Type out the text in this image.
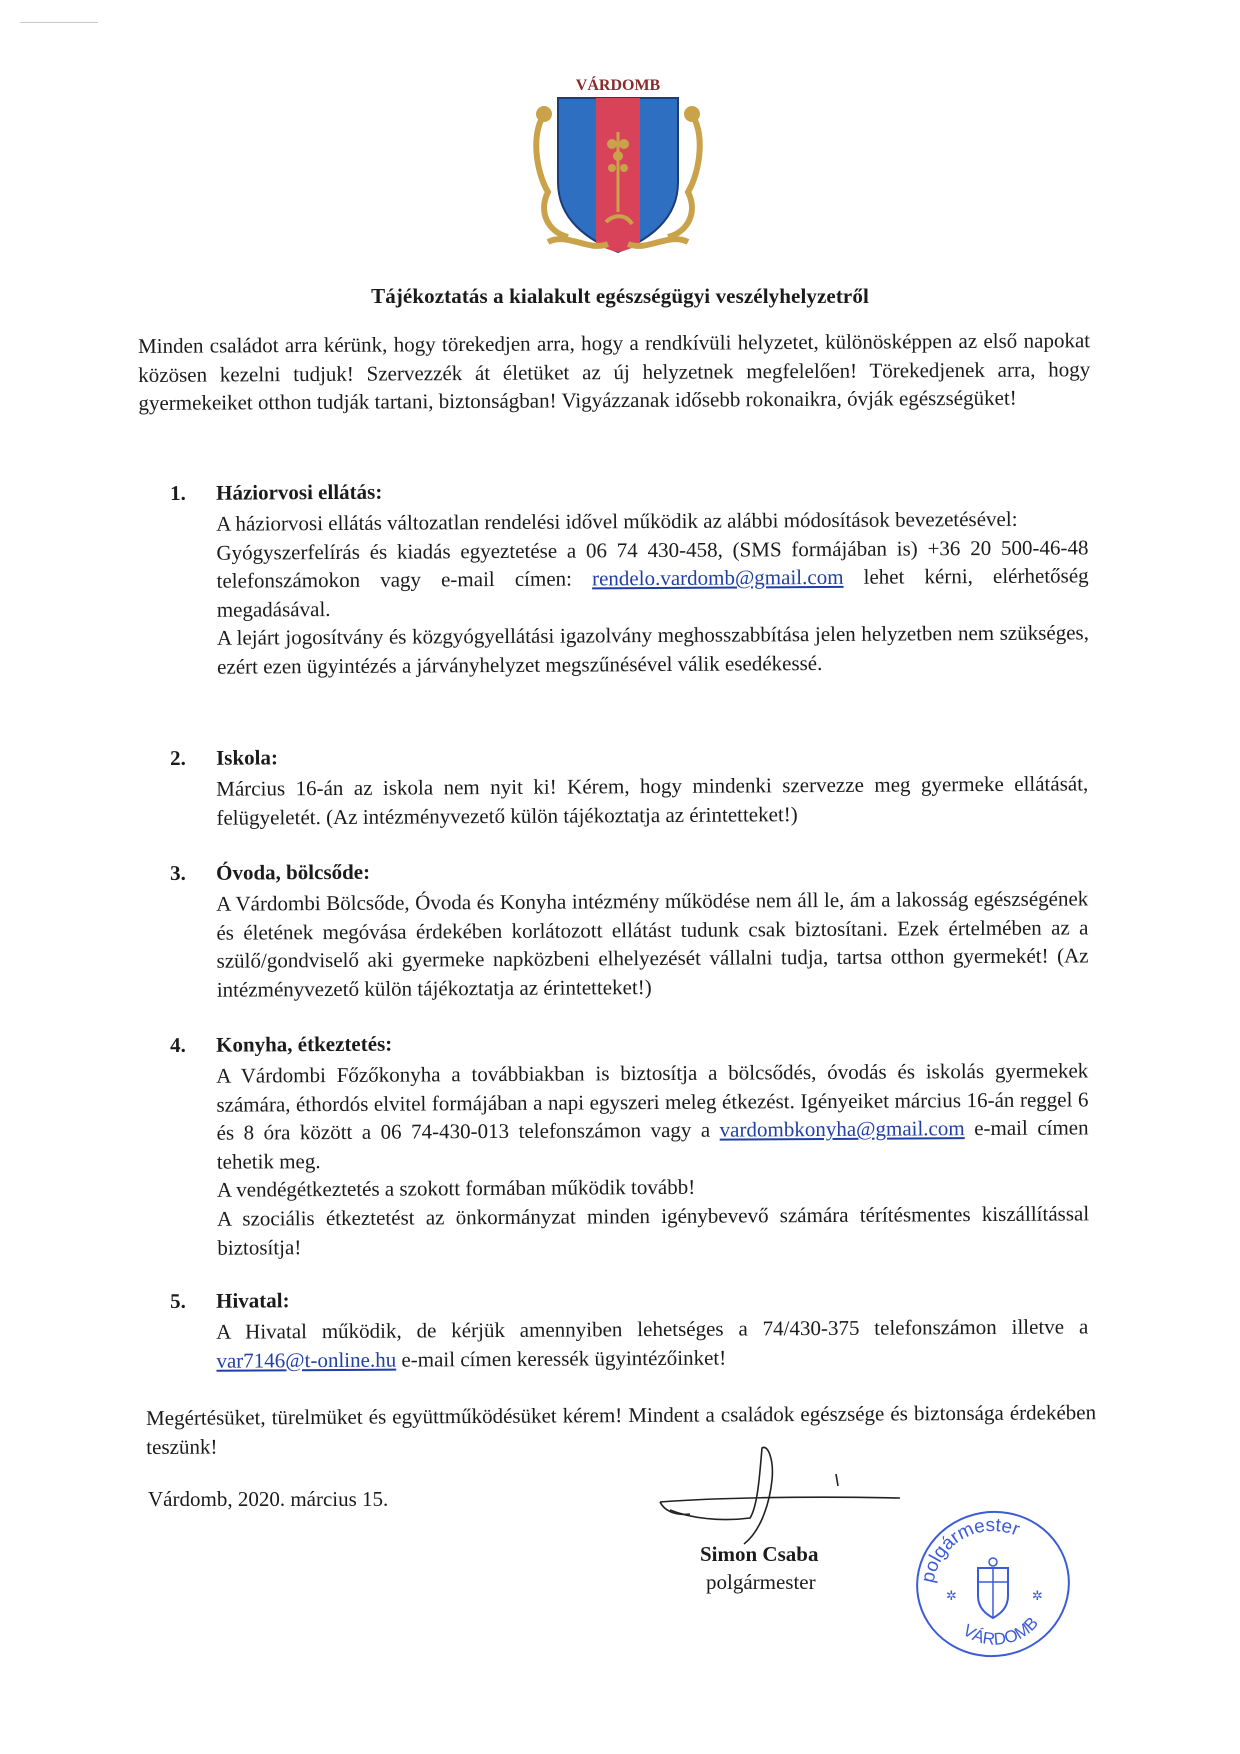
VÁRDOMB
Tájékoztatás a kialakult egészségügyi veszélyhelyzetről
Minden családot arra kérünk, hogy törekedjen arra, hogy a rendkívüli helyzetet, különösképpen az első napokat közösen kezelni tudjuk! Szervezzék át életüket az új helyzetnek megfelelően! Törekedjenek arra, hogy gyermekeiket otthon tudják tartani, biztonságban! Vigyázzanak idősebb rokonaikra, óvják egészségüket!
1. Háziorvosi ellátás:

A háziorvosi ellátás változatlan rendelési idővel működik az alábbi módosítások bevezetésével:

Gyógyszerfelírás és kiadás egyeztetése a 06 74 430-458, (SMS formájában is) +36 20 500-46-48 telefonszámokon vagy e-mail címen: rendelo.vardomb@gmail.com lehet kérni, elérhetőség megadásával.

A lejárt jogosítvány és közgyógyellátási igazolvány meghosszabbítása jelen helyzetben nem szükséges, ezért ezen ügyintézés a járványhelyzet megszűnésével válik esedékessé.

2. Iskola:

Március 16-án az iskola nem nyit ki! Kérem, hogy mindenki szervezze meg gyermeke ellátását, felügyeletét. (Az intézményvezető külön tájékoztatja az érintetteket!)

3. Óvoda, bölcsőde:

A Várdombi Bölcsőde, Óvoda és Konyha intézmény működése nem áll le, ám a lakosság egészségének és életének megóvása érdekében korlátozott ellátást tudunk csak biztosítani. Ezek értelmében az a szülő/gondviselő aki gyermeke napközbeni elhelyezését vállalni tudja, tartsa otthon gyermekét! (Az intézményvezető külön tájékoztatja az érintetteket!)

4. Konyha, étkeztetés:

A Várdombi Főzőkonyha a továbbiakban is biztosítja a bölcsődés, óvodás és iskolás gyermekek számára, éthordós elvitel formájában a napi egyszeri meleg étkezést. Igényeiket március 16-án reggel 6 és 8 óra között a 06 74-430-013 telefonszámon vagy a vardombkonyha@gmail.com e-mail címen tehetik meg.

A vendégétkeztetés a szokott formában működik tovább!

A szociális étkeztetést az önkormányzat minden igénybevevő számára térítésmentes kiszállítással biztosítja!

5. Hivatal:

A Hivatal működik, de kérjük amennyiben lehetséges a 74/430-375 telefonszámon illetve a var7146@t-online.hu e-mail címen keressék ügyintézőinket!

Megértésüket, türelmüket és együttműködésüket kérem! Mindent a családok egészsége és biztonsága érdekében teszünk!
Várdomb, 2020. március 15.
Simon Csaba
polgármester	polgármester
VÁRDOMB
✲	✲
